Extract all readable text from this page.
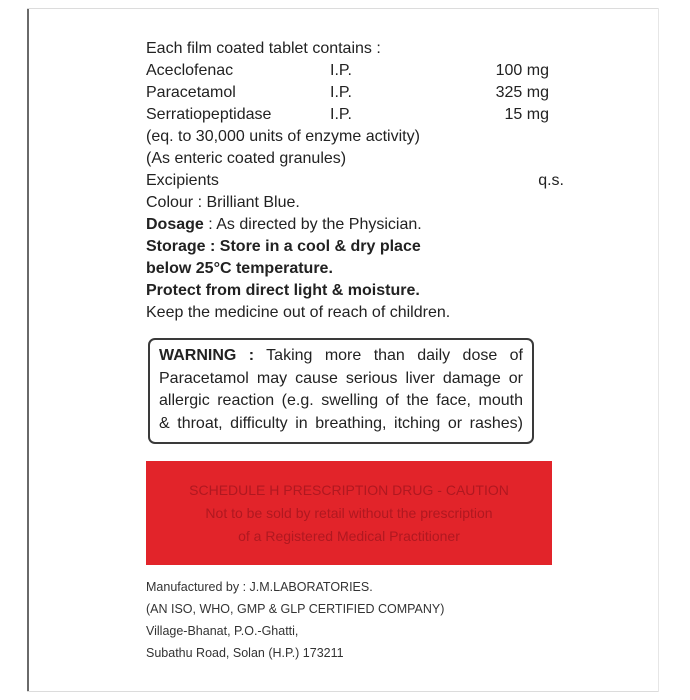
Each film coated tablet contains :
Aceclofenac	I.P.	100 mg
Paracetamol	I.P.	325 mg
Serratiopeptidase	I.P.	15 mg
(eq. to 30,000 units of enzyme activity)
(As enteric coated granules)
Excipients	q.s.
Colour : Brilliant Blue.
Dosage : As directed by the Physician.
Storage : Store in a cool & dry place
below 25°C temperature.
Protect from direct light & moisture.
Keep the medicine out of reach of children.
WARNING : Taking more than daily dose of
Paracetamol may cause serious liver damage or
allergic reaction (e.g. swelling of the face, mouth
& throat, difficulty in breathing, itching or rashes)
SCHEDULE H PRESCRIPTION DRUG - CAUTION
Not to be sold by retail without the prescription
of a Registered Medical Practitioner
Manufactured by : J.M.LABORATORIES.
(AN ISO, WHO, GMP & GLP CERTIFIED COMPANY)
Village-Bhanat, P.O.-Ghatti,
Subathu Road, Solan (H.P.) 173211
